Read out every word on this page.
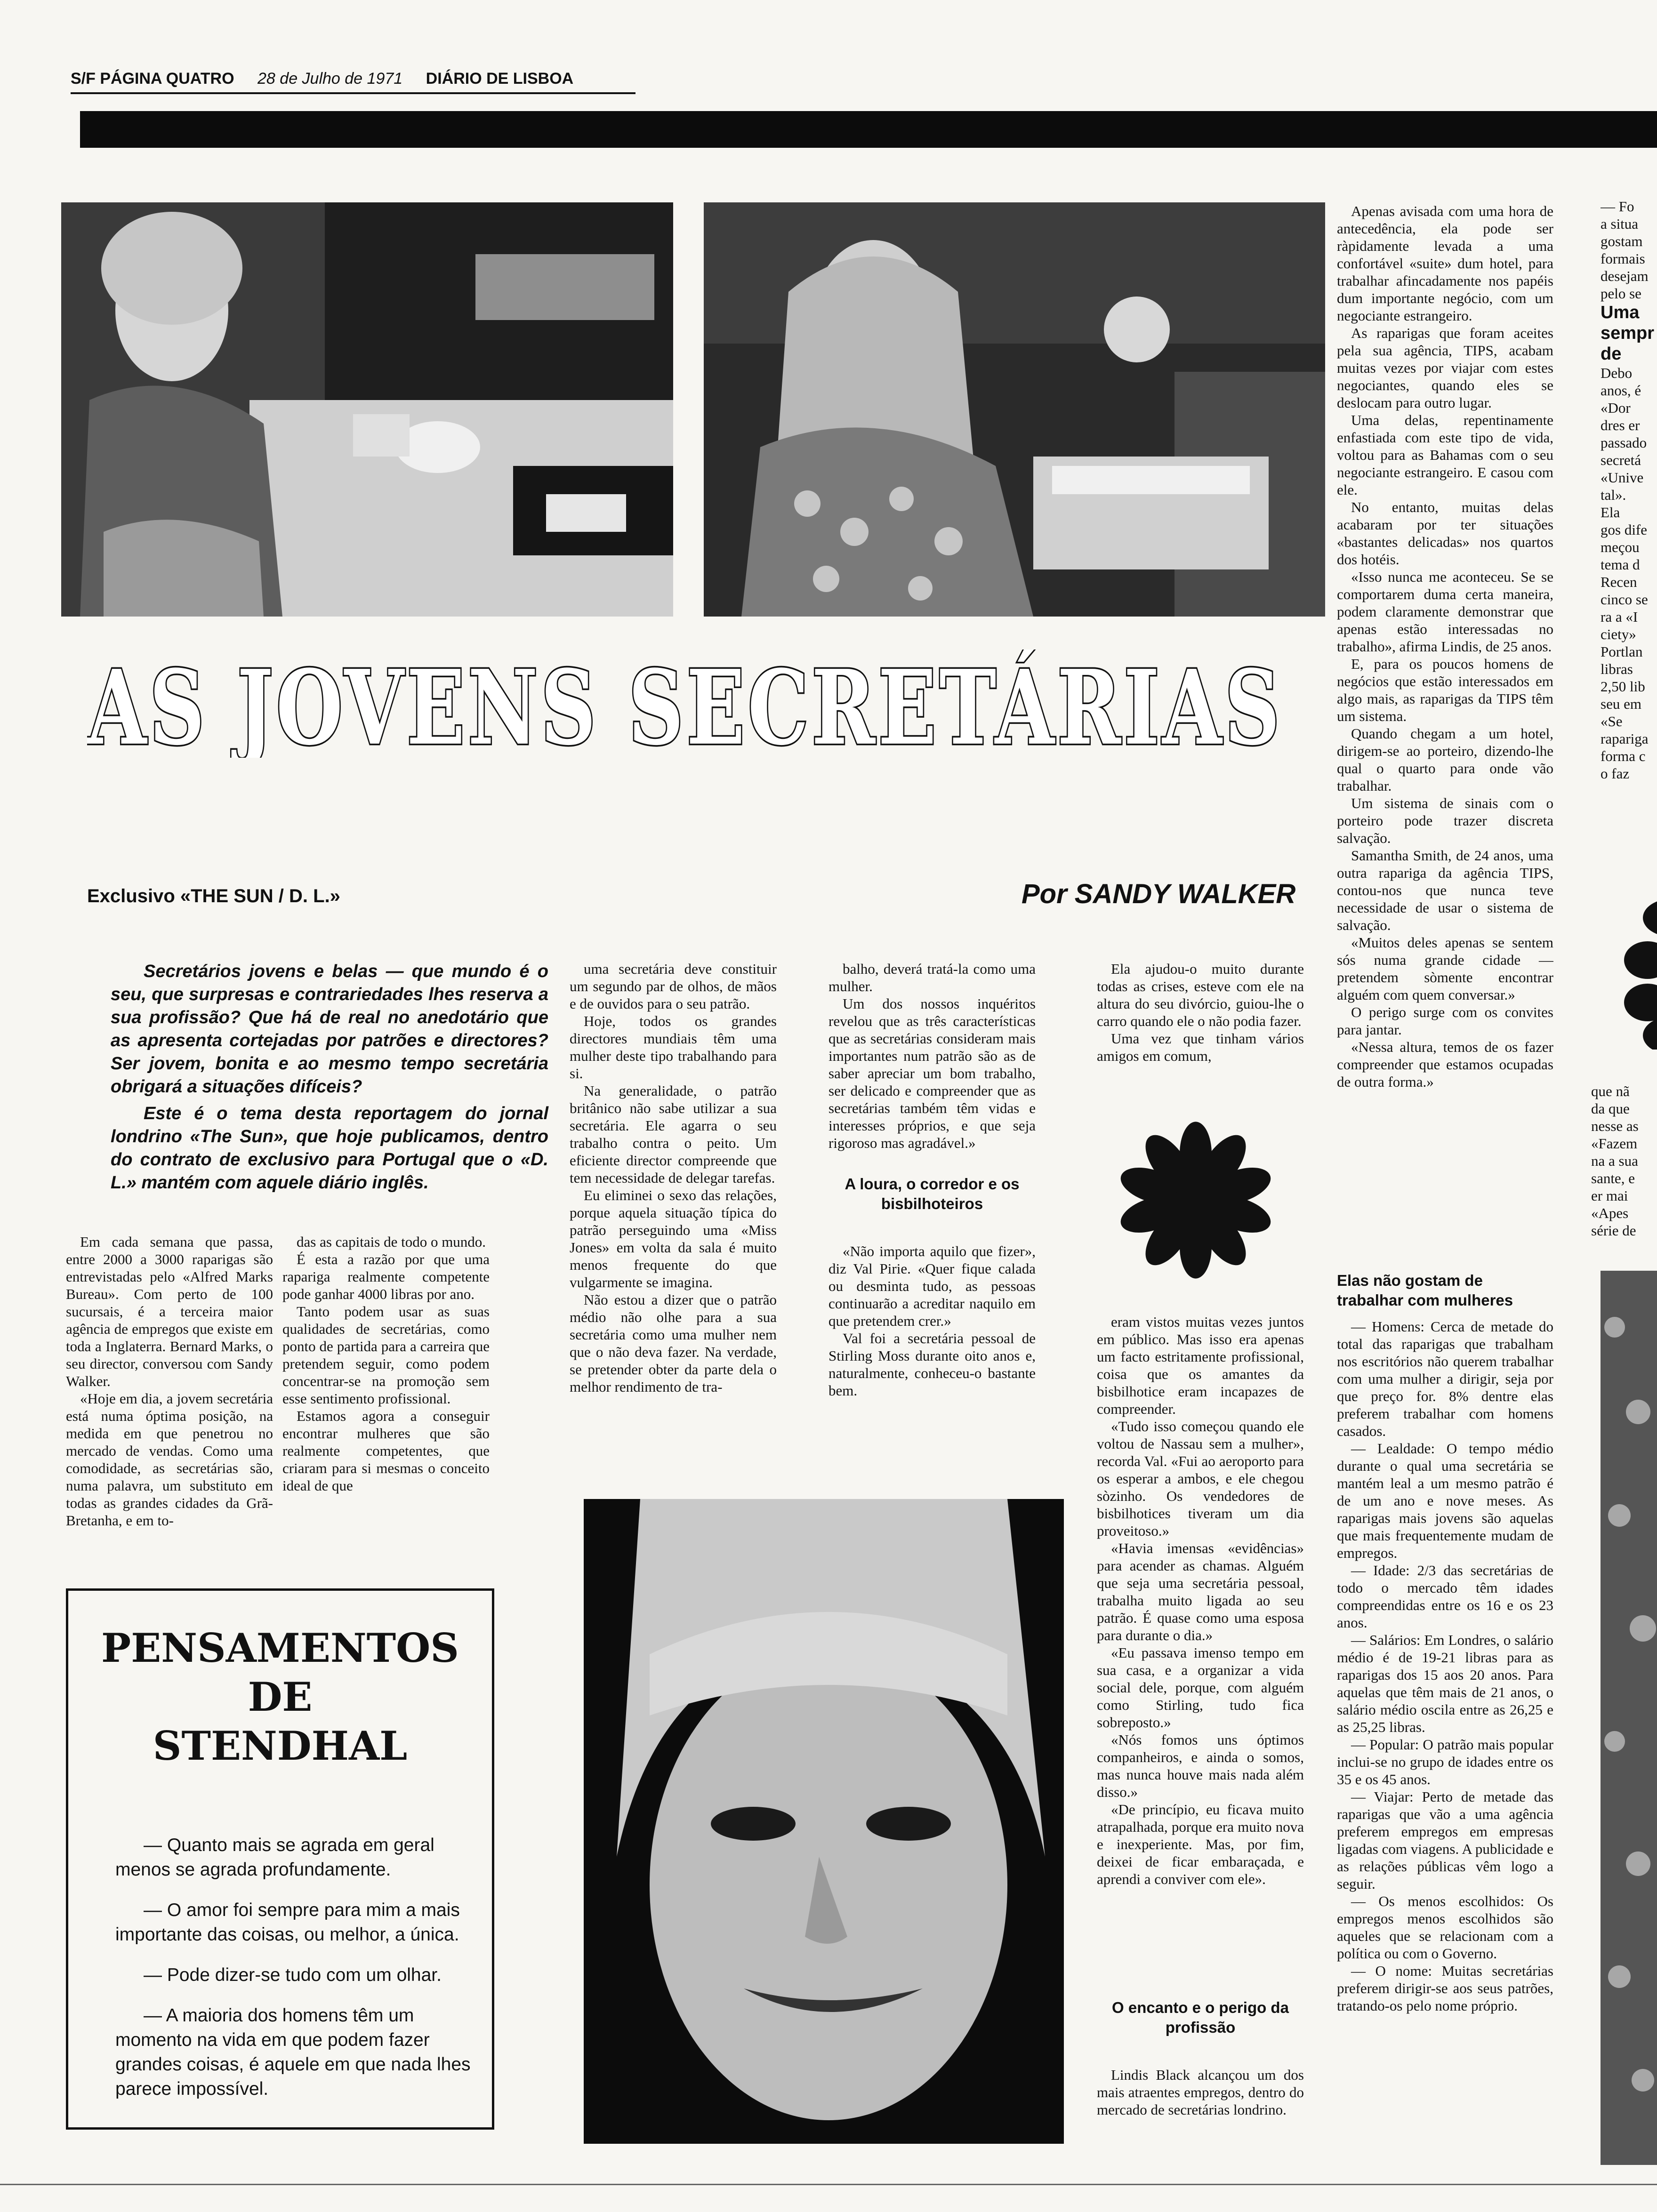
S/F PÁGINA QUATRO 28 de Julho de 1971 DIÁRIO DE LISBOA
AS JOVENS SECRETÁRIAS
Exclusivo «THE SUN / D. L.»	Por SANDY WALKER

Secretários jovens e belas — que mundo é o seu, que surpresas e contrariedades lhes reserva a sua profissão? Que há de real no anedotário que as apresenta cortejadas por patrões e directores? Ser jovem, bonita e ao mesmo tempo secretária obrigará a situações difíceis?

Este é o tema desta reportagem do jornal londrino «The Sun», que hoje publicamos, dentro do contrato de exclusivo para Portugal que o «D. L.» mantém com aquele diário inglês.

Em cada semana que passa, entre 2000 a 3000 raparigas são entrevistadas pelo «Alfred Marks Bureau». Com perto de 100 sucursais, é a terceira maior agência de empregos que existe em toda a Inglaterra. Bernard Marks, o seu director, conversou com Sandy Walker.

«Hoje em dia, a jovem secretária está numa óptima posição, na medida em que penetrou no mercado de vendas. Como uma comodidade, as secretárias são, numa palavra, um substituto em todas as grandes cidades da Grã-Bretanha, e em to-

das as capitais de todo o mundo.

É esta a razão por que uma rapariga realmente competente pode ganhar 4000 libras por ano.

Tanto podem usar as suas qualidades de secretárias, como ponto de partida para a carreira que pretendem seguir, como podem concentrar-se na promoção sem esse sentimento profissional.

Estamos agora a conseguir encontrar mulheres que são realmente competentes, que criaram para si mesmas o conceito ideal de que

uma secretária deve constituir um segundo par de olhos, de mãos e de ouvidos para o seu patrão.

Hoje, todos os grandes directores mundiais têm uma mulher deste tipo trabalhando para si.

Na generalidade, o patrão britânico não sabe utilizar a sua secretária. Ele agarra o seu trabalho contra o peito. Um eficiente director compreende que tem necessidade de delegar tarefas.

Eu eliminei o sexo das relações, porque aquela situação típica do patrão perseguindo uma «Miss Jones» em volta da sala é muito menos frequente do que vulgarmente se imagina.

Não estou a dizer que o patrão médio não olhe para a sua secretária como uma mulher nem que o não deva fazer. Na verdade, se pretender obter da parte dela o melhor rendimento de tra-

balho, deverá tratá-la como uma mulher.

Um dos nossos inquéritos revelou que as três características que as secretárias consideram mais importantes num patrão são as de saber apreciar um bom trabalho, ser delicado e compreender que as secretárias também têm vidas e interesses próprios, e que seja rigoroso mas agradável.»

A loura, o corredor e os bisbilhoteiros

«Não importa aquilo que fizer», diz Val Pirie. «Quer fique calada ou desminta tudo, as pessoas continuarão a acreditar naquilo em que pretendem crer.»

Val foi a secretária pessoal de Stirling Moss durante oito anos e, naturalmente, conheceu-o bastante bem.

Ela ajudou-o muito durante todas as crises, esteve com ele na altura do seu divórcio, guiou-lhe o carro quando ele o não podia fazer.

Uma vez que tinham vários amigos em comum,

eram vistos muitas vezes juntos em público. Mas isso era apenas um facto estritamente profissional, coisa que os amantes da bisbilhotice eram incapazes de compreender.

«Tudo isso começou quando ele voltou de Nassau sem a mulher», recorda Val. «Fui ao aeroporto para os esperar a ambos, e ele chegou sòzinho. Os vendedores de bisbilhotices tiveram um dia proveitoso.»

«Havia imensas «evidências» para acender as chamas. Alguém que seja uma secretária pessoal, trabalha muito ligada ao seu patrão. É quase como uma esposa para durante o dia.»

«Eu passava imenso tempo em sua casa, e a organizar a vida social dele, porque, com alguém como Stirling, tudo fica sobreposto.»

«Nós fomos uns óptimos companheiros, e ainda o somos, mas nunca houve mais nada além disso.»

«De princípio, eu ficava muito atrapalhada, porque era muito nova e inexperiente. Mas, por fim, deixei de ficar embaraçada, e aprendi a conviver com ele».

O encanto e o perigo da profissão

Lindis Black alcançou um dos mais atraentes empregos, dentro do mercado de secretárias londrino.

Apenas avisada com uma hora de antecedência, ela pode ser ràpidamente levada a uma confortável «suite» dum hotel, para trabalhar afincadamente nos papéis dum importante negócio, com um negociante estrangeiro.

As raparigas que foram aceites pela sua agência, TIPS, acabam muitas vezes por viajar com estes negociantes, quando eles se deslocam para outro lugar.

Uma delas, repentinamente enfastiada com este tipo de vida, voltou para as Bahamas com o seu negociante estrangeiro. E casou com ele.

No entanto, muitas delas acabaram por ter situações «bastantes delicadas» nos quartos dos hotéis.

«Isso nunca me aconteceu. Se se comportarem duma certa maneira, podem claramente demonstrar que apenas estão interessadas no trabalho», afirma Lindis, de 25 anos.

E, para os poucos homens de negócios que estão interessados em algo mais, as raparigas da TIPS têm um sistema.

Quando chegam a um hotel, dirigem-se ao porteiro, dizendo-lhe qual o quarto para onde vão trabalhar.

Um sistema de sinais com o porteiro pode trazer discreta salvação.

Samantha Smith, de 24 anos, uma outra rapariga da agência TIPS, contou-nos que nunca teve necessidade de usar o sistema de salvação.

«Muitos deles apenas se sentem sós numa grande cidade — pretendem sòmente encontrar alguém com quem conversar.»

O perigo surge com os convites para jantar.

«Nessa altura, temos de os fazer compreender que estamos ocupadas de outra forma.»

Elas não gostam de trabalhar com mulheres

— Homens: Cerca de metade do total das raparigas que trabalham nos escritórios não querem trabalhar com uma mulher a dirigir, seja por que preço for. 8% dentre elas preferem trabalhar com homens casados.

— Lealdade: O tempo médio durante o qual uma secretária se mantém leal a um mesmo patrão é de um ano e nove meses. As raparigas mais jovens são aquelas que mais frequentemente mudam de empregos.

— Idade: 2/3 das secretárias de todo o mercado têm idades compreendidas entre os 16 e os 23 anos.

— Salários: Em Londres, o salário médio é de 19-21 libras para as raparigas dos 15 aos 20 anos. Para aquelas que têm mais de 21 anos, o salário médio oscila entre as 26,25 e as 25,25 libras.

— Popular: O patrão mais popular inclui-se no grupo de idades entre os 35 e os 45 anos.

— Viajar: Perto de metade das raparigas que vão a uma agência preferem empregos em empresas ligadas com viagens. A publicidade e as relações públicas vêm logo a seguir.

— Os menos escolhidos: Os empregos menos escolhidos são aqueles que se relacionam com a política ou com o Governo.

— O nome: Muitas secretárias preferem dirigir-se aos seus patrões, tratando-os pelo nome próprio.

— Fo

a situa

gostam

formais

desejam

pelo se

Uma

sempr

de

Debo

anos, é

«Dor

dres er

passado

secretá

«Unive

tal».

Ela

gos dife

meçou

tema d

Recen

cinco se

ra a «I

ciety»

Portlan

libras

2,50 lib

seu em

«Se

rapariga

forma c

o faz

que nã

da que

nesse as

«Fazem

na a sua

sante, e

er mai

«Apes

série de

PENSAMENTOS
DE
STENDHAL

— Quanto mais se agrada em geral menos se agrada profundamente.

— O amor foi sempre para mim a mais importante das coisas, ou melhor, a única.

— Pode dizer-se tudo com um olhar.

— A maioria dos homens têm um momento na vida em que podem fazer grandes coisas, é aquele em que nada lhes parece impossível.
